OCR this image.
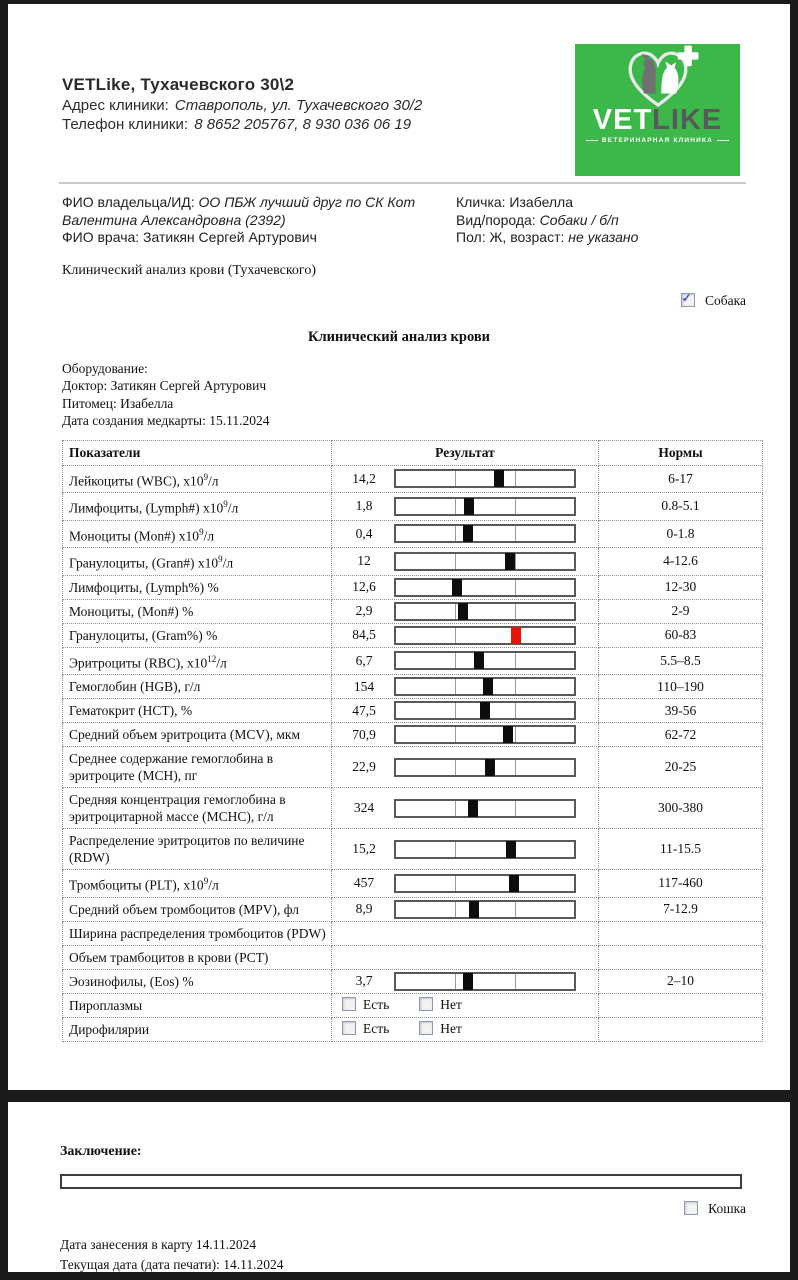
VETLIKE
ВЕТЕРИНАРНАЯ КЛИНИКА
VETLike, Тухачевского 30\2
Адрес клиники: Ставрополь, ул. Тухачевского 30/2
Телефон клиники: 8 8652 205767, 8 930 036 06 19
ФИО владельца/ИД: ОО ПБЖ лучший друг по СК Кот Валентина Александровна (2392)
ФИО врача: Затикян Сергей Артурович
Кличка: Изабелла
Вид/порода: Собаки / б/п
Пол: Ж, возраст: не указано
Клинический анализ крови (Тухачевского)
✓ Собака
Клинический анализ крови
Оборудование:
Доктор: Затикян Сергей Артурович
Питомец: Изабелла
Дата создания медкарты: 15.11.2024
Показатели	Результат	Нормы
Лейкоциты (WBC), $x10^9/л$	14,2	6-17
Лимфоциты, (Lymph#) $x10^9/л$	1,8	0.8-5.1
Моноциты (Mon#) $x10^9/л$	0,4	0-1.8
Гранулоциты, (Gran#) $x10^9/л$	12	4-12.6
Лимфоциты, (Lymph%) %	12,6	12-30
Моноциты, (Mon#) %	2,9	2-9
Гранулоциты, (Gram%) %	84,5	60-83
Эритроциты (RBC), $x10^{12}/л$	6,7	5.5–8.5
Гемоглобин (HGB), г/л	154	110–190
Гематокрит (HCT), %	47,5	39-56
Средний объем эритроцита (MCV), мкм	70,9	62-72
Среднее содержание гемоглобина в эритроците (MCH), пг	22,9	20-25
Средняя концентрация гемоглобина в эритроцитарной массе (MCHC), г/л	324	300-380
Распределение эритроцитов по величине (RDW)	15,2	11-15.5
Тромбоциты (PLT), $x10^9/л$	457	117-460
Средний объем тромбоцитов (MPV), фл	8,9	7-12.9
Ширина распределения тромбоцитов (PDW)		
Объем трамбоцитов в крови (PCT)		
Эозинофилы, (Eos) %	3,7	2–10
Пироплазмы	Есть Нет	

Дирофилярии	Есть Нет	

Заключение:
Кошка
Дата занесения в карту 14.11.2024
Текущая дата (дата печати): 14.11.2024
